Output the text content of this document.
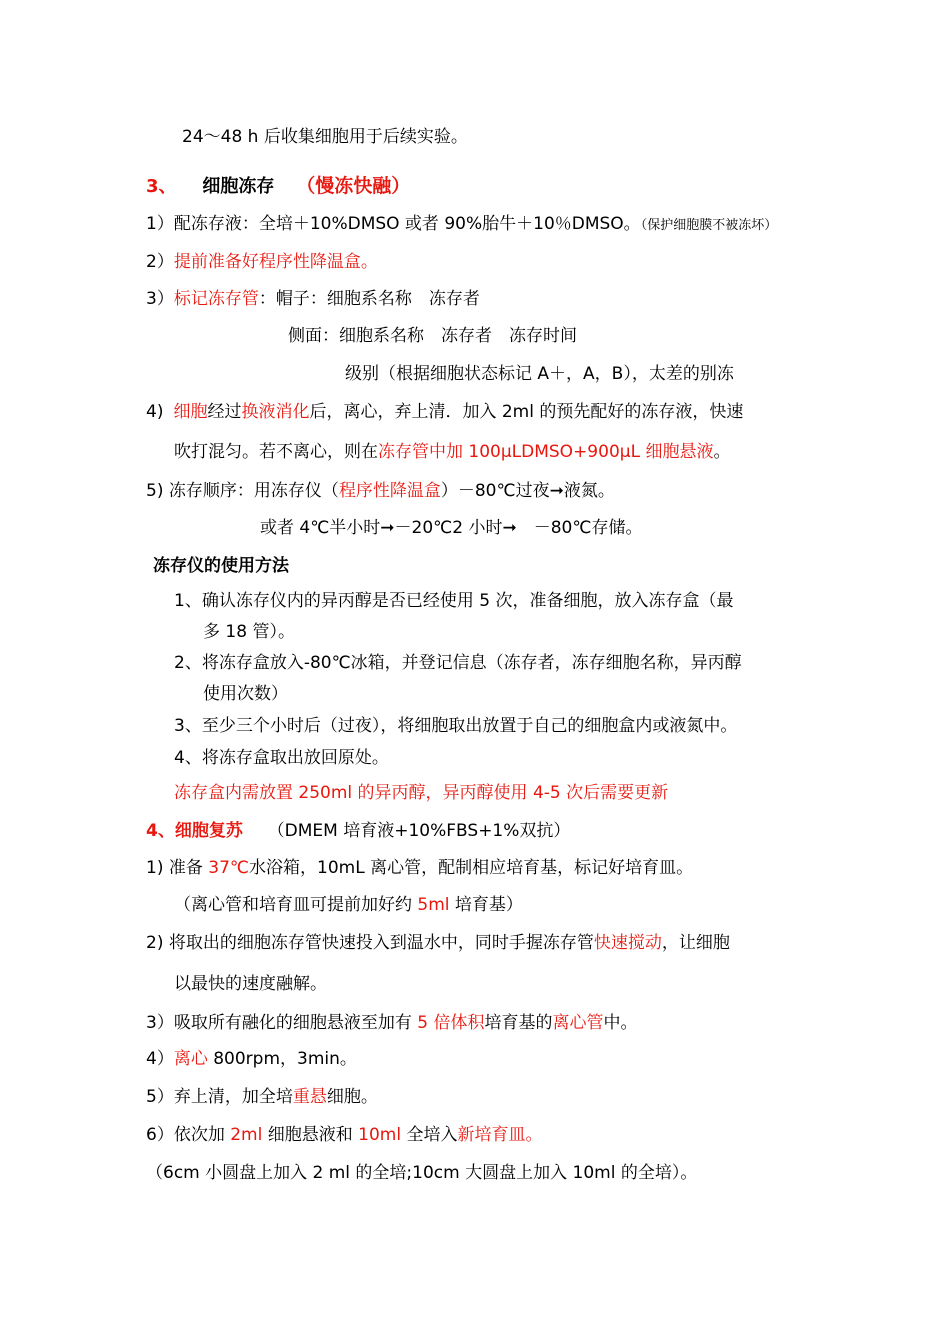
24～48 h 后收集细胞用于后续实验。
3、 细胞冻存 （慢冻快融）
1）配冻存液：全培＋10%DMSO 或者 90%胎牛＋10％DMSO。（保护细胞膜不被冻坏）
2）提前准备好程序性降温盒。
3）标记冻存管：帽子：细胞系名称　冻存者
侧面：细胞系名称　冻存者　冻存时间
级别（根据细胞状态标记 A＋，A，B），太差的别冻
4) 细胞经过换液消化后，离心，弃上清．加入 2ml 的预先配好的冻存液，快速
吹打混匀。若不离心，则在冻存管中加 100μLDMSO+900μL 细胞悬液。
5) 冻存顺序：用冻存仪（程序性降温盒）－80℃过夜➞液氮。
或者 4℃半小时➞－20℃2 小时➞　－80℃存储。
冻存仪的使用方法
1、确认冻存仪内的异丙醇是否已经使用 5 次，准备细胞，放入冻存盒（最
多 18 管）。
2、将冻存盒放入-80℃冰箱，并登记信息（冻存者，冻存细胞名称，异丙醇
使用次数）
3、至少三个小时后（过夜），将细胞取出放置于自己的细胞盒内或液氮中。
4、将冻存盒取出放回原处。
冻存盒内需放置 250ml 的异丙醇，异丙醇使用 4-5 次后需要更新
4、细胞复苏 （DMEM 培育液+10%FBS+1%双抗）
1) 准备 37℃水浴箱，10mL 离心管，配制相应培育基，标记好培育皿。
（离心管和培育皿可提前加好约 5ml 培育基）
2) 将取出的细胞冻存管快速投入到温水中，同时手握冻存管快速搅动，让细胞
以最快的速度融解。
3）吸取所有融化的细胞悬液至加有 5 倍体积培育基的离心管中。
4）离心 800rpm，3min。
5）弃上清，加全培重悬细胞。
6）依次加 2ml 细胞悬液和 10ml 全培入新培育皿。
（6cm 小圆盘上加入 2 ml 的全培;10cm 大圆盘上加入 10ml 的全培）。
